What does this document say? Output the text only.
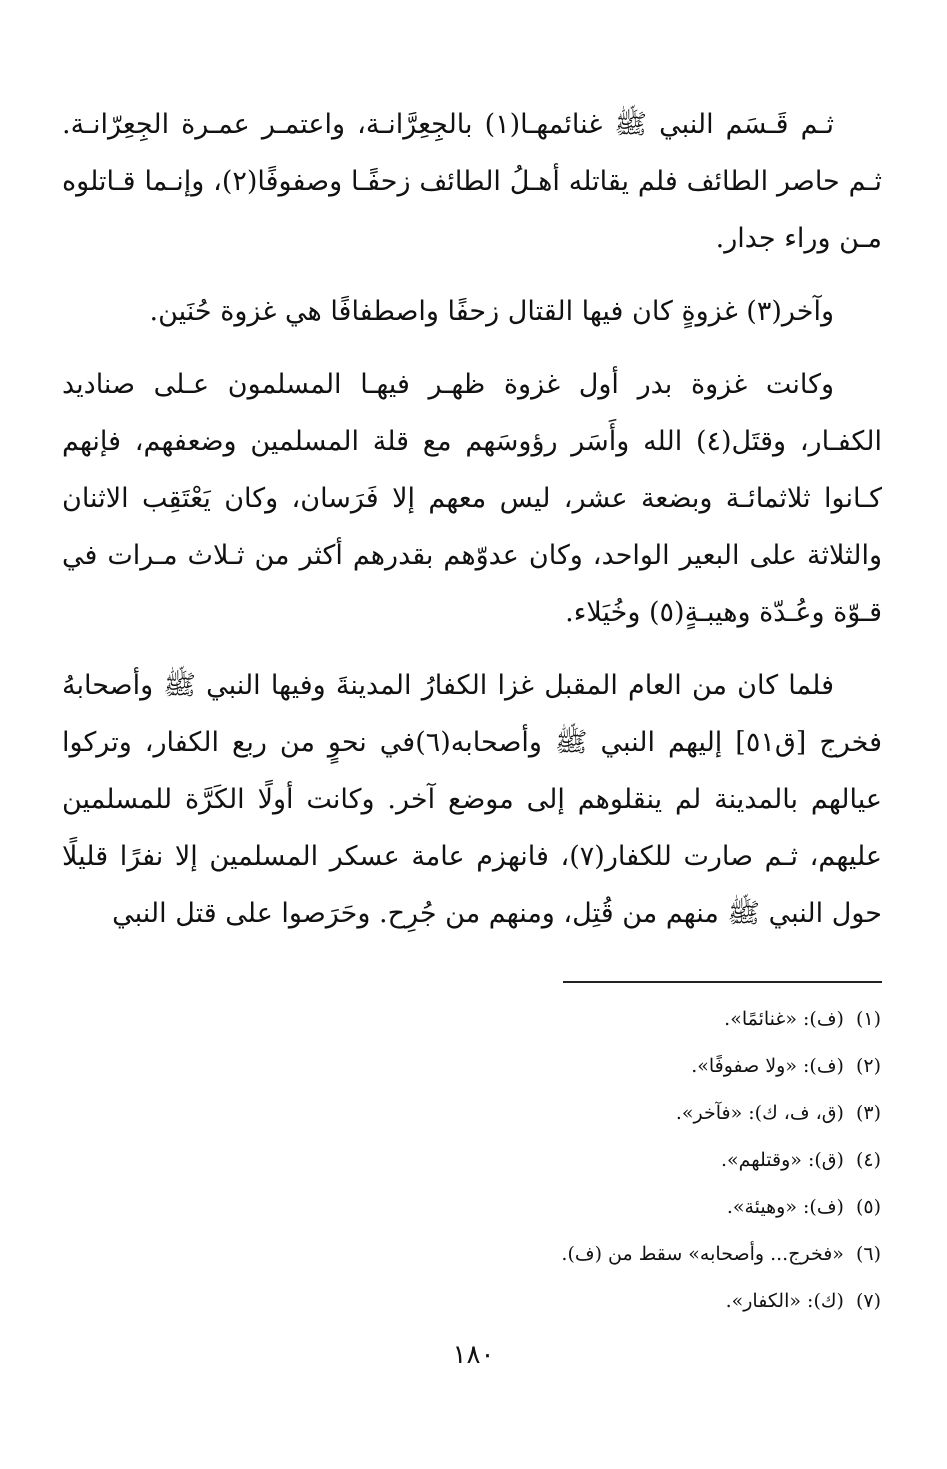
ثـم قَـسَم النبي ﷺ غنائمهـا(١) بالجِعِرَّانـة، واعتمـر عمـرة الجِعِرّانـة. ثـم حاصر الطائف فلم يقاتله أهـلُ الطائف زحفًـا وصفوفًا(٢)، وإنـما قـاتلوه مـن وراء جدار.

وآخر(٣) غزوةٍ كان فيها القتال زحفًا واصطفافًا هي غزوة حُنَين.

وكانت غزوة بدر أول غزوة ظهـر فيهـا المسلمون عـلى صناديد الكفـار، وقتَل(٤) الله وأَسَر رؤوسَهم مع قلة المسلمين وضعفهم، فإنهم كـانوا ثلاثمائـة وبضعة عشر، ليس معهم إلا فَرَسان، وكان يَعْتَقِب الاثنان والثلاثة على البعير الواحد، وكان عدوّهم بقدرهم أكثر من ثـلاث مـرات في قـوّة وعُـدّة وهيبـةٍ(٥) وخُيَلاء.

فلما كان من العام المقبل غزا الكفارُ المدينةَ وفيها النبي ﷺ وأصحابهُ فخرج [ق٥١] إليهم النبي ﷺ وأصحابه(٦)في نحوٍ من ربع الكفار، وتركوا عيالهم بالمدينة لم ينقلوهم إلى موضع آخر. وكانت أولًا الكَرَّة للمسلمين عليهم، ثـم صارت للكفار(٧)، فانهزم عامة عسكر المسلمين إلا نفرًا قليلًا حول النبي ﷺ منهم من قُتِل، ومنهم من جُرِح. وحَرَصوا على قتل النبي

(١)(ف): «غنائمًا».
(٢)(ف): «ولا صفوفًا».
(٣)(ق، ف، ك): «فآخر».
(٤)(ق): «وقتلهم».
(٥)(ف): «وهيئة».
(٦)«فخرج... وأصحابه» سقط من (ف).
(٧)(ك): «الكفار».
١٨٠
